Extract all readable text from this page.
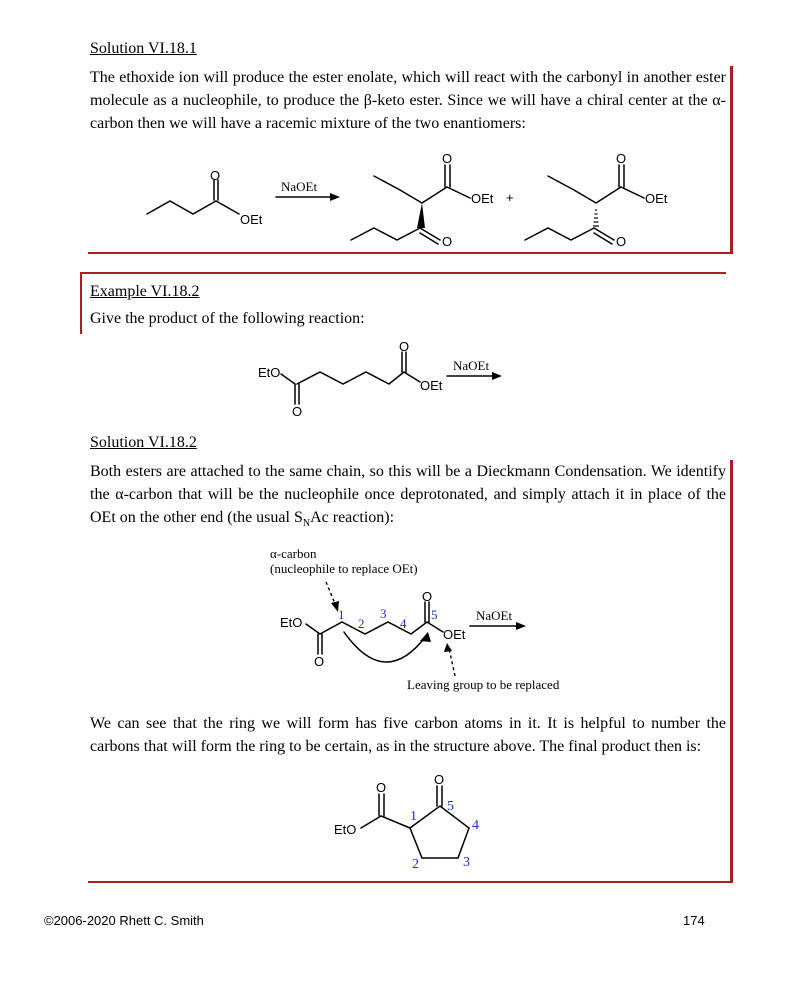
Solution VI.18.1
The ethoxide ion will produce the ester enolate, which will react with the carbonyl in another ester molecule as a nucleophile, to produce the β-keto ester. Since we will have a chiral center at the α-carbon then we will have a racemic mixture of the two enantiomers:
O
OEt
NaOEt
O
OEt
O
+
O
OEt
O
Example VI.18.2
Give the product of the following reaction:
EtO
O
O
OEt
NaOEt
Solution VI.18.2
Both esters are attached to the same chain, so this will be a Dieckmann Condensation. We identify the α-carbon that will be the nucleophile once deprotonated, and simply attach it in place of the OEt on the other end (the usual $S_NAc$ reaction):
α-carbon
(nucleophile to replace OEt)
EtO
O
O
OEt
NaOEt
Leaving group to be replaced
1
2
3
4
5
We can see that the ring we will form has five carbon atoms in it. It is helpful to number the carbons that will form the ring to be certain, as in the structure above. The final product then is:
EtO
O
O
1
2	3
4
5
©2006-2020 Rhett C. Smith	174
